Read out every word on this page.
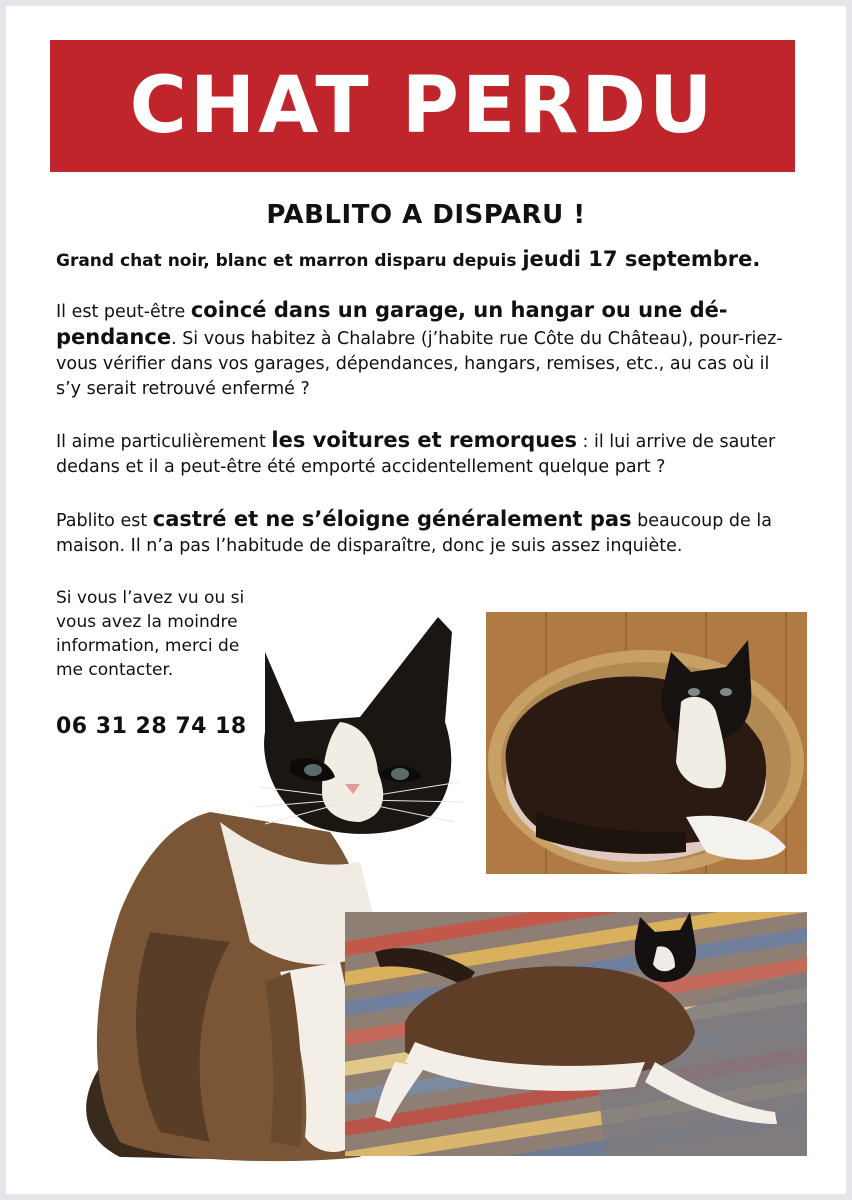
CHAT PERDU
PABLITO A DISPARU !
Grand chat noir, blanc et marron disparu depuis jeudi 17 septembre.
Il est peut-être coincé dans un garage, un hangar ou une dé-pendance. Si vous habitez à Chalabre (j’habite rue Côte du Château), pour-riez-vous vérifier dans vos garages, dépendances, hangars, remises, etc., au cas où il s’y serait retrouvé enfermé ?
Il aime particulièrement les voitures et remorques : il lui arrive de sauter dedans et il a peut-être été emporté accidentellement quelque part ?
Pablito est castré et ne s’éloigne généralement pas beaucoup de la maison. Il n’a pas l’habitude de disparaître, donc je suis assez inquiète.
Si vous l’avez vu ou si vous avez la moindre information, merci de me contacter.
06 31 28 74 18
